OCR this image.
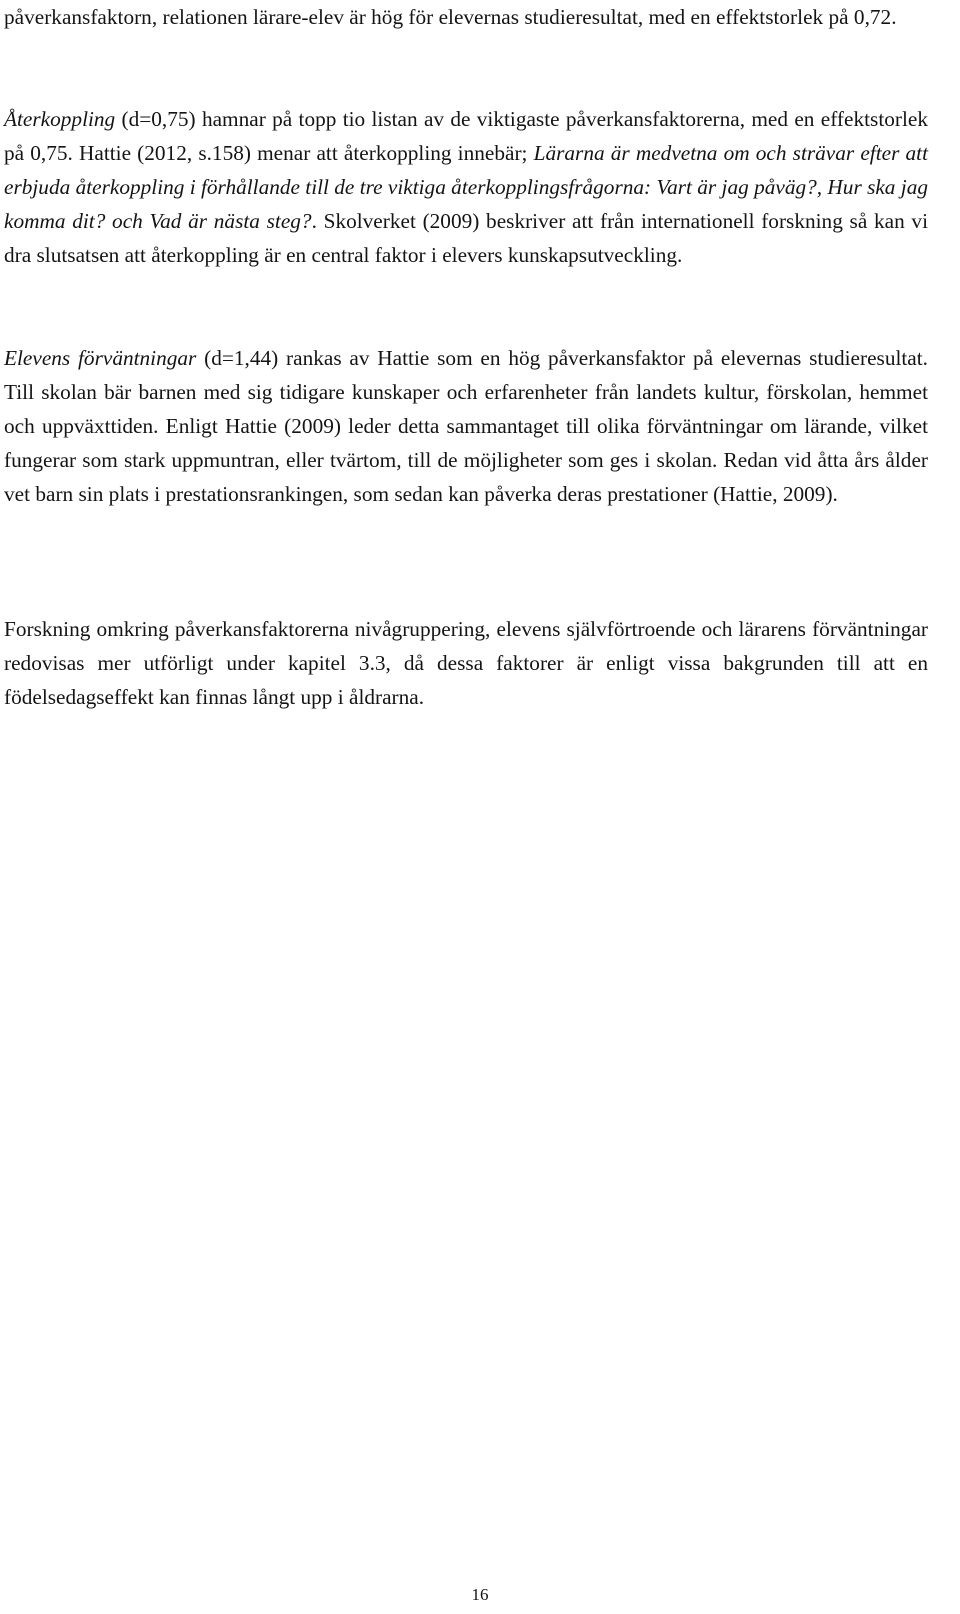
påverkansfaktorn, relationen lärare-elev är hög för elevernas studieresultat, med en effektstorlek på 0,72.

Återkoppling (d=0,75) hamnar på topp tio listan av de viktigaste påverkansfaktorerna, med en effektstorlek på 0,75. Hattie (2012, s.158) menar att återkoppling innebär; Lärarna är medvetna om och strävar efter att erbjuda återkoppling i förhållande till de tre viktiga återkopplingsfrågorna: Vart är jag påväg?, Hur ska jag komma dit? och Vad är nästa steg?. Skolverket (2009) beskriver att från internationell forskning så kan vi dra slutsatsen att återkoppling är en central faktor i elevers kunskapsutveckling.

Elevens förväntningar (d=1,44) rankas av Hattie som en hög påverkansfaktor på elevernas studieresultat. Till skolan bär barnen med sig tidigare kunskaper och erfarenheter från landets kultur, förskolan, hemmet och uppväxttiden. Enligt Hattie (2009) leder detta sammantaget till olika förväntningar om lärande, vilket fungerar som stark uppmuntran, eller tvärtom, till de möjligheter som ges i skolan. Redan vid åtta års ålder vet barn sin plats i prestationsrankingen, som sedan kan påverka deras prestationer (Hattie, 2009).

Forskning omkring påverkansfaktorerna nivågruppering, elevens självförtroende och lärarens förväntningar redovisas mer utförligt under kapitel 3.3, då dessa faktorer är enligt vissa bakgrunden till att en födelsedagseffekt kan finnas långt upp i åldrarna.

16
